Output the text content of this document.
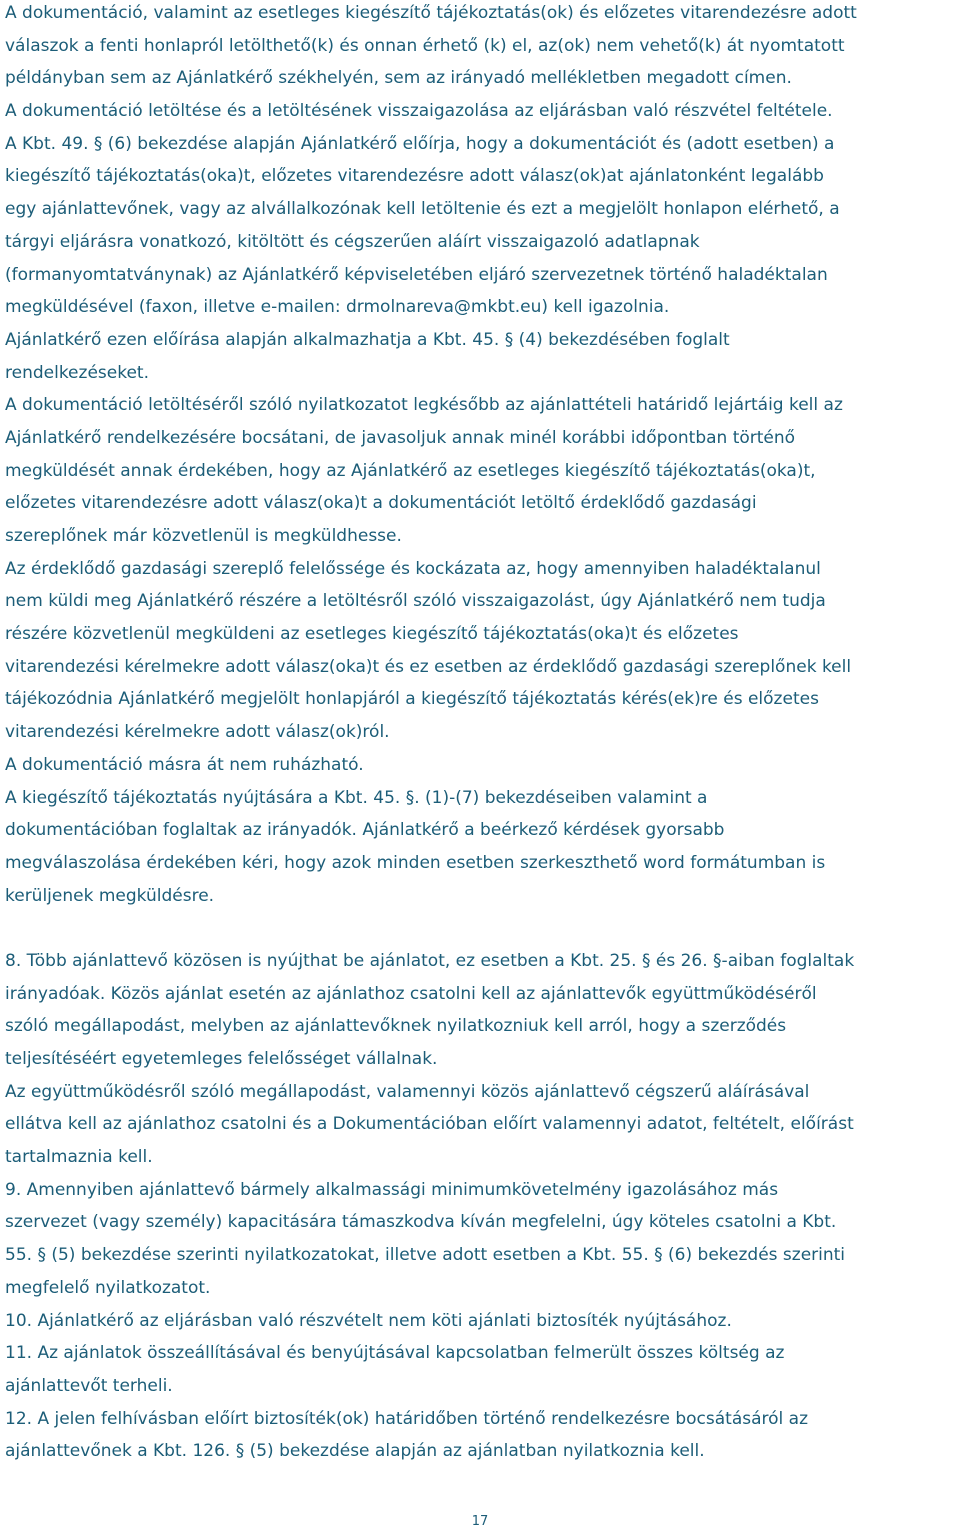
A dokumentáció, valamint az esetleges kiegészítő tájékoztatás(ok) és előzetes vitarendezésre adott
válaszok a fenti honlapról letölthető(k) és onnan érhető (k) el, az(ok) nem vehető(k) át nyomtatott
példányban sem az Ajánlatkérő székhelyén, sem az irányadó mellékletben megadott címen.
A dokumentáció letöltése és a letöltésének visszaigazolása az eljárásban való részvétel feltétele.
A Kbt. 49. § (6) bekezdése alapján Ajánlatkérő előírja, hogy a dokumentációt és (adott esetben) a
kiegészítő tájékoztatás(oka)t, előzetes vitarendezésre adott válasz(ok)at ajánlatonként legalább
egy ajánlattevőnek, vagy az alvállalkozónak kell letöltenie és ezt a megjelölt honlapon elérhető, a
tárgyi eljárásra vonatkozó, kitöltött és cégszerűen aláírt visszaigazoló adatlapnak
(formanyomtatványnak) az Ajánlatkérő képviseletében eljáró szervezetnek történő haladéktalan
megküldésével (faxon, illetve e-mailen: drmolnareva@mkbt.eu) kell igazolnia.
Ajánlatkérő ezen előírása alapján alkalmazhatja a Kbt. 45. § (4) bekezdésében foglalt
rendelkezéseket.
A dokumentáció letöltéséről szóló nyilatkozatot legkésőbb az ajánlattételi határidő lejártáig kell az
Ajánlatkérő rendelkezésére bocsátani, de javasoljuk annak minél korábbi időpontban történő
megküldését annak érdekében, hogy az Ajánlatkérő az esetleges kiegészítő tájékoztatás(oka)t,
előzetes vitarendezésre adott válasz(oka)t a dokumentációt letöltő érdeklődő gazdasági
szereplőnek már közvetlenül is megküldhesse.
Az érdeklődő gazdasági szereplő felelőssége és kockázata az, hogy amennyiben haladéktalanul
nem küldi meg Ajánlatkérő részére a letöltésről szóló visszaigazolást, úgy Ajánlatkérő nem tudja
részére közvetlenül megküldeni az esetleges kiegészítő tájékoztatás(oka)t és előzetes
vitarendezési kérelmekre adott válasz(oka)t és ez esetben az érdeklődő gazdasági szereplőnek kell
tájékozódnia Ajánlatkérő megjelölt honlapjáról a kiegészítő tájékoztatás kérés(ek)re és előzetes
vitarendezési kérelmekre adott válasz(ok)ról.
A dokumentáció másra át nem ruházható.
A kiegészítő tájékoztatás nyújtására a Kbt. 45. §. (1)-(7) bekezdéseiben valamint a
dokumentációban foglaltak az irányadók. Ajánlatkérő a beérkező kérdések gyorsabb
megválaszolása érdekében kéri, hogy azok minden esetben szerkeszthető word formátumban is
kerüljenek megküldésre.
8. Több ajánlattevő közösen is nyújthat be ajánlatot, ez esetben a Kbt. 25. § és 26. §-aiban foglaltak
irányadóak. Közös ajánlat esetén az ajánlathoz csatolni kell az ajánlattevők együttműködéséről
szóló megállapodást, melyben az ajánlattevőknek nyilatkozniuk kell arról, hogy a szerződés
teljesítéséért egyetemleges felelősséget vállalnak.
Az együttműködésről szóló megállapodást, valamennyi közös ajánlattevő cégszerű aláírásával
ellátva kell az ajánlathoz csatolni és a Dokumentációban előírt valamennyi adatot, feltételt, előírást
tartalmaznia kell.
9. Amennyiben ajánlattevő bármely alkalmassági minimumkövetelmény igazolásához más
szervezet (vagy személy) kapacitására támaszkodva kíván megfelelni, úgy köteles csatolni a Kbt.
55. § (5) bekezdése szerinti nyilatkozatokat, illetve adott esetben a Kbt. 55. § (6) bekezdés szerinti
megfelelő nyilatkozatot.
10. Ajánlatkérő az eljárásban való részvételt nem köti ajánlati biztosíték nyújtásához.
11. Az ajánlatok összeállításával és benyújtásával kapcsolatban felmerült összes költség az
ajánlattevőt terheli.
12. A jelen felhívásban előírt biztosíték(ok) határidőben történő rendelkezésre bocsátásáról az
ajánlattevőnek a Kbt. 126. § (5) bekezdése alapján az ajánlatban nyilatkoznia kell.
17
